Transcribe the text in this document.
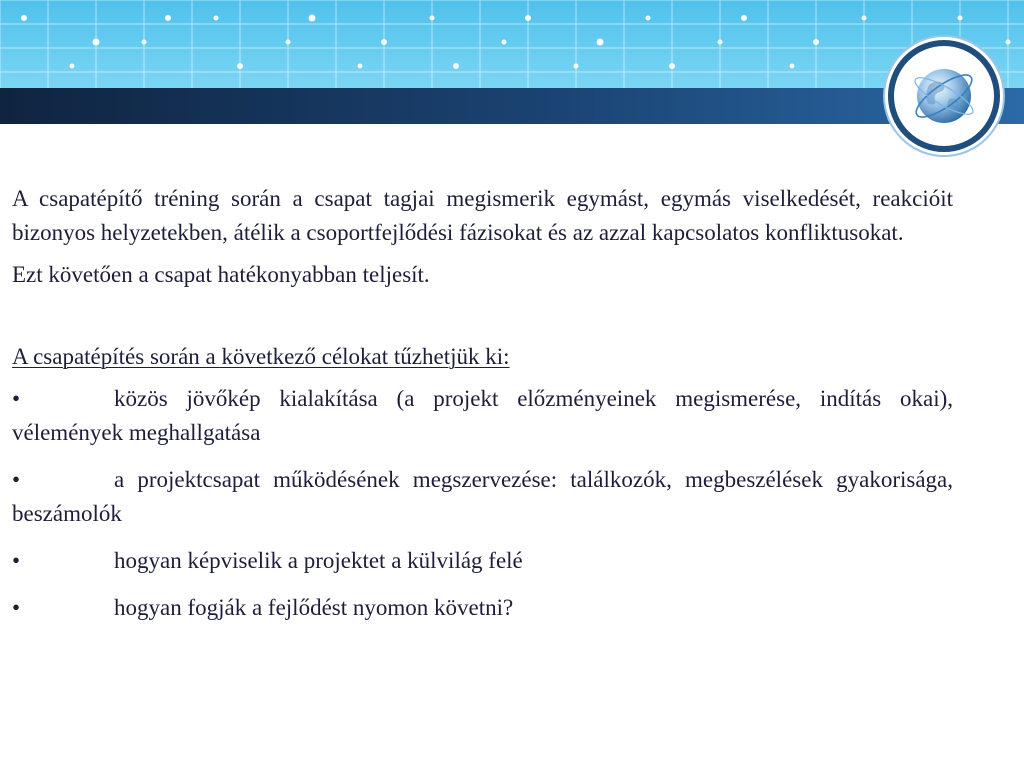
A csapatépítő tréning során a csapat tagjai megismerik egymást, egymás viselkedését, reakcióit bizonyos helyzetekben, átélik a csoportfejlődési fázisokat és az azzal kapcsolatos konfliktusokat.

Ezt követően a csapat hatékonyabban teljesít.

A csapatépítés során a következő célokat tűzhetjük ki:

•	közös jövőkép kialakítása (a projekt előzményeinek megismerése, indítás okai), vélemények meghallgatása

•	a projektcsapat működésének megszervezése: találkozók, megbeszélések gyakorisága, beszámolók

•	hogyan képviselik a projektet a külvilág felé

•	hogyan fogják a fejlődést nyomon követni?
